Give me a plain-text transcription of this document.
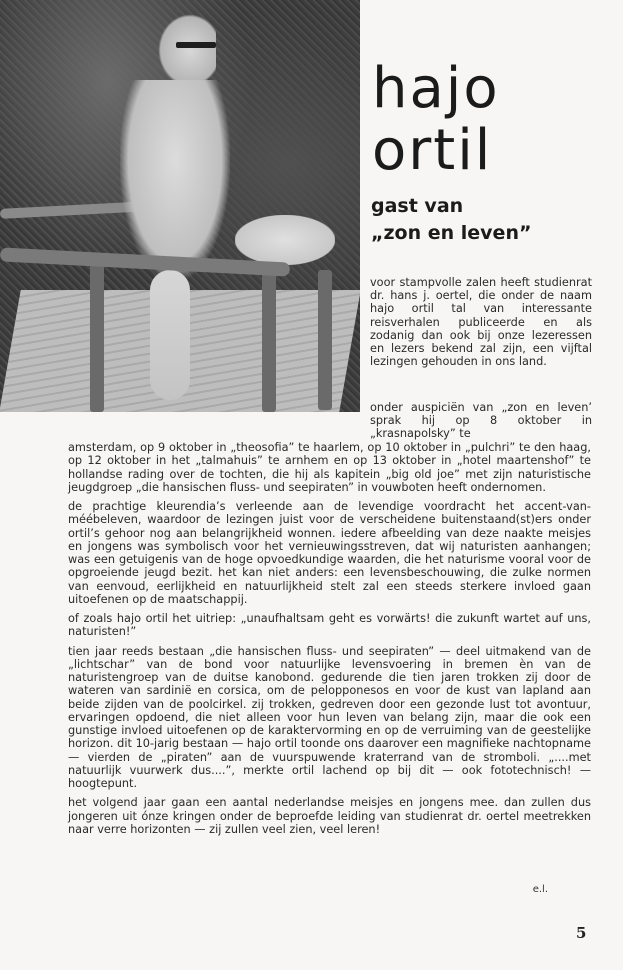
hajo
ortil
gast van
„zon en leven”

voor stampvolle zalen heeft studienrat dr. hans j. oertel, die onder de naam hajo ortil tal van interessante reisverhalen publiceerde en als zodanig dan ook bij onze lezeressen en lezers bekend zal zijn, een vijftal lezingen gehouden in ons land.

onder auspiciën van „zon en leven’ sprak hij op 8 oktober in „krasnapolsky” te

amsterdam, op 9 oktober in „theosofia” te haarlem, op 10 oktober in „pulchri” te den haag, op 12 oktober in het „talmahuis” te arnhem en op 13 oktober in „hotel maartenshof” te hollandse rading over de tochten, die hij als kapitein „big old joe” met zijn naturistische jeugdgroep „die hansischen fluss- und seepiraten” in vouwboten heeft ondernomen.

de prachtige kleurendia’s verleende aan de levendige voordracht het accent-van-méébeleven, waardoor de lezingen juist voor de verscheidene buitenstaand(st)ers onder ortil’s gehoor nog aan belangrijkheid wonnen. iedere afbeelding van deze naakte meisjes en jongens was symbolisch voor het vernieuwingsstreven, dat wij naturisten aanhangen; was een getuigenis van de hoge opvoedkundige waarden, die het naturisme vooral voor de opgroeiende jeugd bezit. het kan niet anders: een levensbeschouwing, die zulke normen van eenvoud, eerlijkheid en natuurlijkheid stelt zal een steeds sterkere invloed gaan uitoefenen op de maatschappij.

of zoals hajo ortil het uitriep: „unaufhaltsam geht es vorwärts! die zukunft wartet auf uns, naturisten!”

tien jaar reeds bestaan „die hansischen fluss- und seepiraten” — deel uitmakend van de „lichtschar” van de bond voor natuurlijke levensvoering in bremen èn van de naturistengroep van de duitse kanobond. gedurende die tien jaren trokken zij door de wateren van sardinië en corsica, om de pelopponesos en voor de kust van lapland aan beide zijden van de poolcirkel. zij trokken, gedreven door een gezonde lust tot avontuur, ervaringen opdoend, die niet alleen voor hun leven van belang zijn, maar die ook een gunstige invloed uitoefenen op de karaktervorming en op de verruiming van de geestelijke horizon. dit 10-jarig bestaan — hajo ortil toonde ons daarover een magnifieke nachtopname — vierden de „piraten” aan de vuurspuwende kraterrand van de stromboli. „....met natuurlijk vuurwerk dus....”, merkte ortil lachend op bij dit — ook fototechnisch! — hoogtepunt.

het volgend jaar gaan een aantal nederlandse meisjes en jongens mee. dan zullen dus jongeren uit ónze kringen onder de beproefde leiding van studienrat dr. oertel meetrekken naar verre horizonten — zij zullen veel zien, veel leren!

e.l.
5
